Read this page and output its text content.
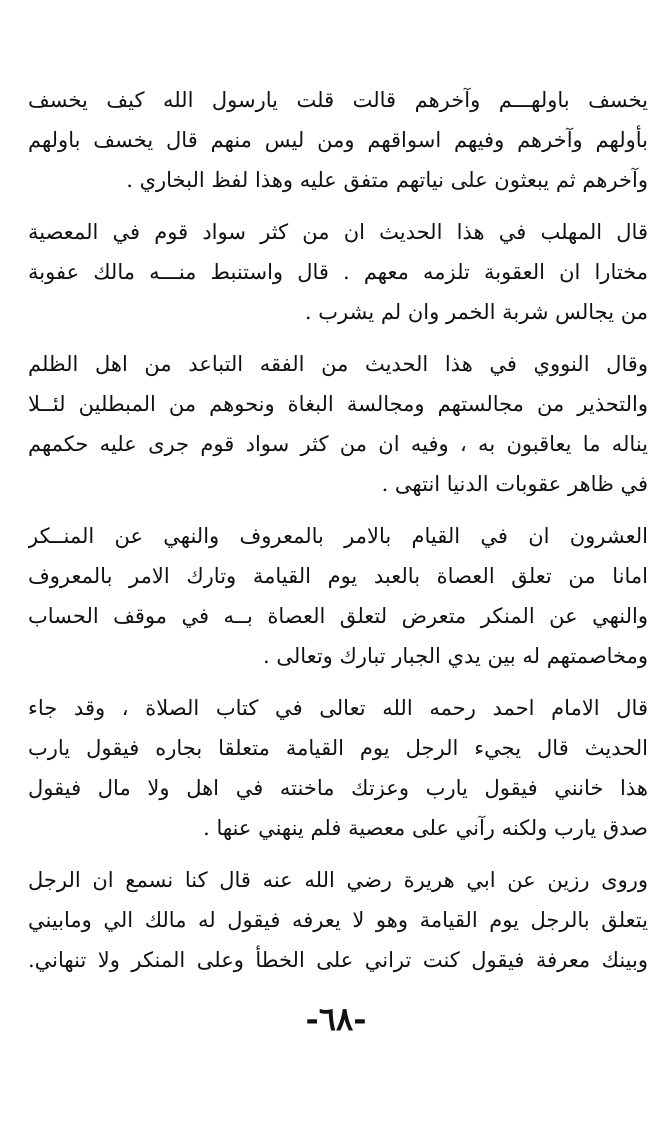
يخسف باولهـــم وآخرهم قالت قلت يارسول الله كيف يخسف
بأولهم وآخرهم وفيهم اسواقهم ومن ليس منهم قال يخسف باولهم
وآخرهم ثم يبعثون على نياتهم متفق عليه وهذا لفظ البخاري .
قال المهلب في هذا الحديث ان من كثر سواد قوم في المعصية
مختارا ان العقوبة تلزمه معهم . قال واستنبط منـــه مالك عفوبة
من يجالس شربة الخمر وان لم يشرب .
وقال النووي في هذا الحديث من الفقه التباعد من اهل الظلم
والتحذير من مجالستهم ومجالسة البغاة ونحوهم من المبطلين لئــلا
يناله ما يعاقبون به ، وفيه ان من كثر سواد قوم جرى عليه حكمهم
في ظاهر عقوبات الدنيا انتهى .
العشرون ان في القيام بالامر بالمعروف والنهي عن المنــكر
امانا من تعلق العصاة بالعبد يوم القيامة وتارك الامر بالمعروف
والنهي عن المنكر متعرض لتعلق العصاة بــه في موقف الحساب
ومخاصمتهم له بين يدي الجبار تبارك وتعالى .
قال الامام احمد رحمه الله تعالى في كتاب الصلاة ، وقد جاء
الحديث قال يجيء الرجل يوم القيامة متعلقا بجاره فيقول يارب
هذا خانني فيقول يارب وعزتك ماخنته في اهل ولا مال فيقول
صدق يارب ولكنه رآني على معصية فلم ينهني عنها .
وروى رزين عن ابي هريرة رضي الله عنه قال كنا نسمع ان الرجل
يتعلق بالرجل يوم القيامة وهو لا يعرفه فيقول له مالك الي ومابيني
وبينك معرفة فيقول كنت تراني على الخطأ وعلى المنكر ولا تنهاني.
-٦٨-
